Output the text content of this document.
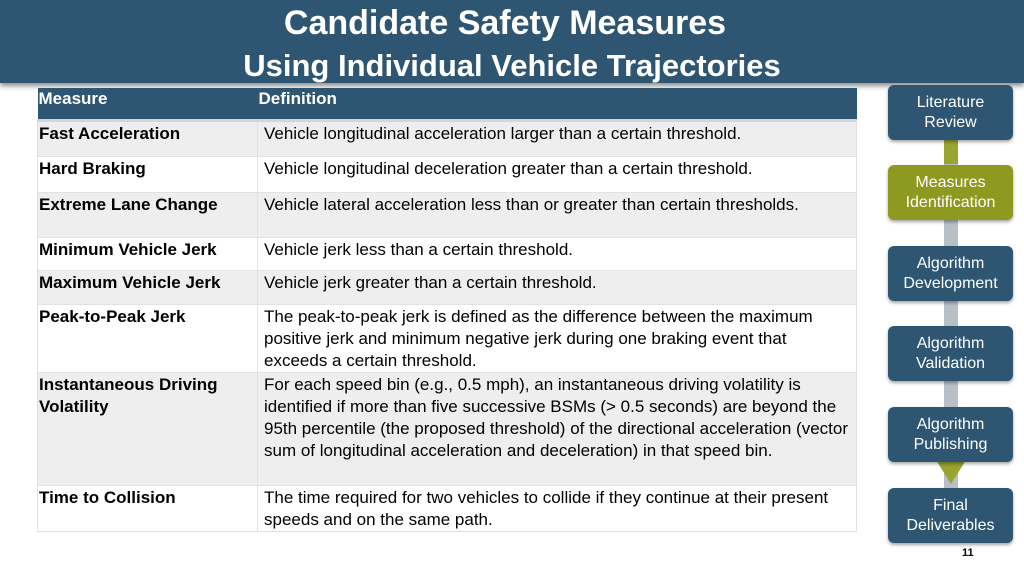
Candidate Safety Measures
Using Individual Vehicle Trajectories
Measure	Definition
Fast Acceleration	Vehicle longitudinal acceleration larger than a certain threshold.
Hard Braking	Vehicle longitudinal deceleration greater than a certain threshold.
Extreme Lane Change	Vehicle lateral acceleration less than or greater than certain thresholds.
Minimum Vehicle Jerk	Vehicle jerk less than a certain threshold.
Maximum Vehicle Jerk	Vehicle jerk greater than a certain threshold.
Peak-to-Peak Jerk	The peak-to-peak jerk is defined as the difference between the maximum positive jerk and minimum negative jerk during one braking event that exceeds a certain threshold.
Instantaneous Driving Volatility	For each speed bin (e.g., 0.5 mph), an instantaneous driving volatility is identified if more than five successive BSMs (> 0.5 seconds) are beyond the 95th percentile (the proposed threshold) of the directional acceleration (vector sum of longitudinal acceleration and deceleration) in that speed bin.
Time to Collision	The time required for two vehicles to collide if they continue at their present speeds and on the same path.
Literature
Review
Measures
Identification
Algorithm
Development
Algorithm
Validation
Algorithm
Publishing
Final
Deliverables
11
